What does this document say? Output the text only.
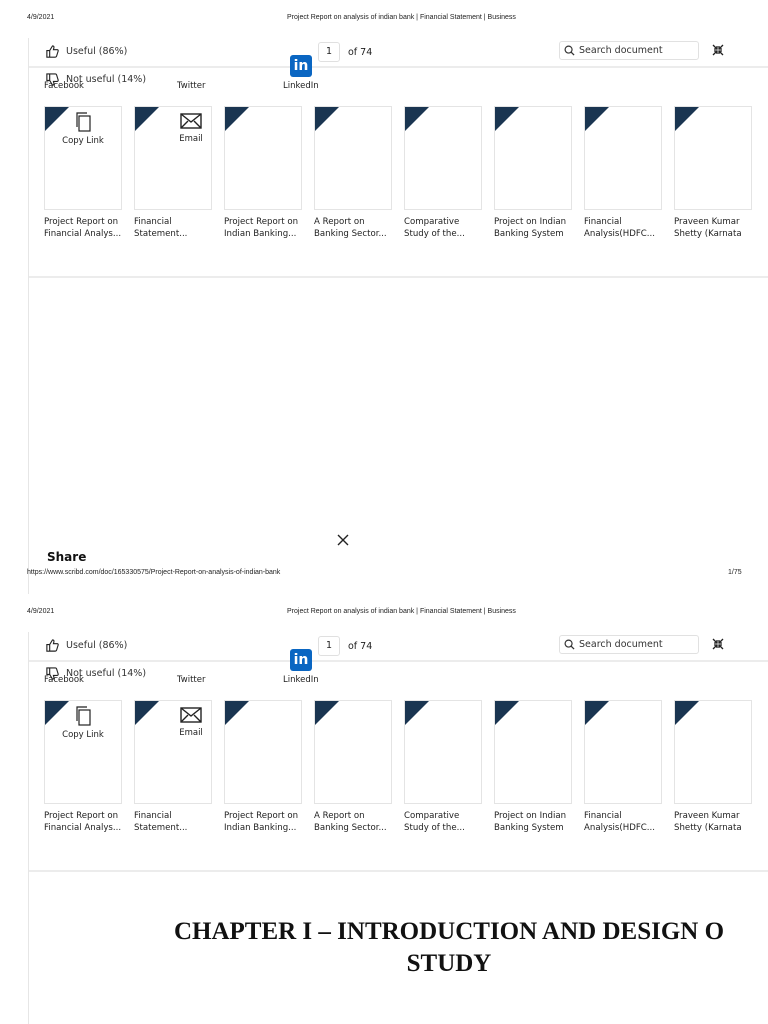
4/9/2021	Project Report on analysis of indian bank | Financial Statement | Business
Useful (86%)	1	of 74	Search document
Not useful (14%)
Facebook	Twitter
in
LinkedIn
Project Report on
Financial Analys...
Financial
Statement...
Project Report on
Indian Banking...
A Report on
Banking Sector...
Comparative
Study of the...
Project on Indian
Banking System
Financial
Analysis(HDFC...
Praveen Kumar
Shetty (Karnata
Copy Link	Email
Share
https://www.scribd.com/doc/165330575/Project-Report-on-analysis-of-indian-bank	1/75
4/9/2021	Project Report on analysis of indian bank | Financial Statement | Business
Useful (86%)	1	of 74	Search document
Not useful (14%)
Facebook	Twitter
in
LinkedIn
Project Report on
Financial Analys...
Financial
Statement...
Project Report on
Indian Banking...
A Report on
Banking Sector...
Comparative
Study of the...
Project on Indian
Banking System
Financial
Analysis(HDFC...
Praveen Kumar
Shetty (Karnata
Copy Link	Email
CHAPTER I – INTRODUCTION AND DESIGN O
STUDY
